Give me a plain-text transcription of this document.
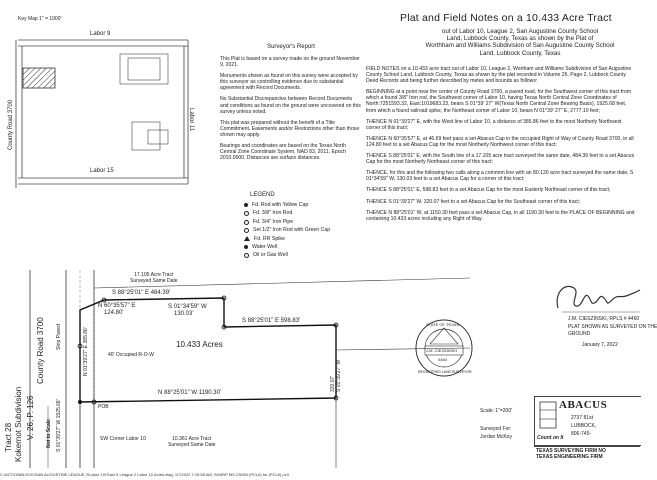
Key Map 1" = 1000'
Labor 9
Labor 15
Labor 11
County Road 3700
Surveyor's Report
This Plat is based on a survey made on the ground November 9, 2021.
Monuments shown as found on this survey were accepted by this surveyor as controlling evidence due to substantial agreement with Record Documents.
No Substantial Discrepancies between Record Documents and conditions as found on the ground were uncovered on this survey unless noted.
This plat was prepared without the benefit of a Title Commitment. Easements and/or Restrictions other than those shown may apply.
Bearings and coordinates are based on the Texas North Central Zone Coordinate System, NAD 83, 2011, Epoch 2010.0000. Distances are surface distances.
LEGEND
Fd. Rod with Yellow Cap
Fd. 3/8" Iron Rod
Fd. 3/4" Iron Pipe
Set 1/2" Iron Rod with Green Cap
Fd. RR Spike
Water Well
Oil or Gas Well
Plat and Field Notes on a 10.433 Acre Tract
out of Labor 10, League 2, San Augustine County School
Land, Lubbock County, Texas as shown by the Plat of
Worthham and Williams Subdivision of San Augustine County School
Land, Lubbock County, Texas
FIELD NOTES on a 10.433 acre tract out of Labor 10, League 2, Wortham and Williams Subdivision of San Augustine County School Land, Lubbock County, Texas as shown by the plat recorded in Volume 26, Page 2, Lubbock County Deed Records and being further described by metes and bounds as follows:
BEGINNING at a point near the center of County Road 3700, a paved road, for the Southwest corner of this tract from which a found 3/8" Iron rod, the Southwest corner of Labor 10, having Texas North Central Zone Coordinates of North:7251593.32, East:1019683.23, bears S 01°39' 27" W(Texas North Central Zone Bearing Basis), 1925.68 feet, from which a found railroad spike, the Northeast corner of Labor 10, bears N 01°39' 27" E, 2777.10 feet;
THENCE N 01°39'27" E, with the West line of Labor 10, a distance of 385.86 feet to the most Northerly Northwest corner of this tract;
THENCE N 60°35'57" E, at 46.69 feet pass a set Abacus Cap in the occupied Right of Way of County Road 3700, in all 124.80 feet to a set Abacus Cap for the most Northerly Northwest corner of this tract;
THENCE S 88°25'01" E, with the South line of a 17.105 acre tract surveyed the same date, 484.39 feet to a set Abacus Cap for the most Northerly Northeast corner of this tract;
THENCE, for this and the following two calls along a common line with an 80.120 acre tract surveyed the same date, S 01°34'59" W, 130.03 feet to a set Abacus Cap for a corner of this tract;
THENCE S 88°25'01" E, 598.83 feet to a set Abacus Cap for the most Easterly Northeast corner of this tract;
THENCE S 01°39'27" W, 320.07 feet to a set Abacus Cap for the Southeast corner of this tract;
THENCE N 88°25'01" W, at 1150.30 feet pass a set Abacus Cap, in all 1190.30 feet to the PLACE OF BEGINNING and containing 10.433 acres including any Right of Way.
J.M. CIESZINSKI, RPLS # 4460
PLAT SHOWN AS SURVEYED ON THE
GROUND
January 7, 2022
STATE OF TEXAS
J.M. CIESZINSKI
4460
REGISTERED LAND SURVEYOR
17.105 Acre Tract
Surveyed Same Date
S 88°25'01" E 484.39'
N 60°35'57" E
124.80'
S 01°34'59" W
130.03'
S 88°25'01" E 598.83'
10.433 Acres
N 01°39'27" E 385.86'
40' Occupied R-O-W
320.07' S 01°39'27" W
N 88°25'01" W 1190.30'
POB
SW Corner Labor 10	10.361 Acre Tract
Surveyed Same Date
Not to Scale S 01°39'27" W 1925.68'
Tract 28 Kokernot Subdivision V. 26, P. 126
County Road 3700 Strip Paved
Scale: 1"=200'
Surveyed For:
Jordan McKoy
ABACUS
2737 81st
LUBBOCK,
806-745-
Count on It
TEXAS SURVEYING FIRM NO
TEXAS ENGINEERING FIRM
C:\ACTIONBLOCK\SAN AUGUSTINE LEAGUE 2\Labor 10\Tract 5 League 2 Labor 10 Acres.dwg, 1/7/2022 7:19:58 AM, SHARP MX-2300N (PCL6) for (PCL6) pc3
